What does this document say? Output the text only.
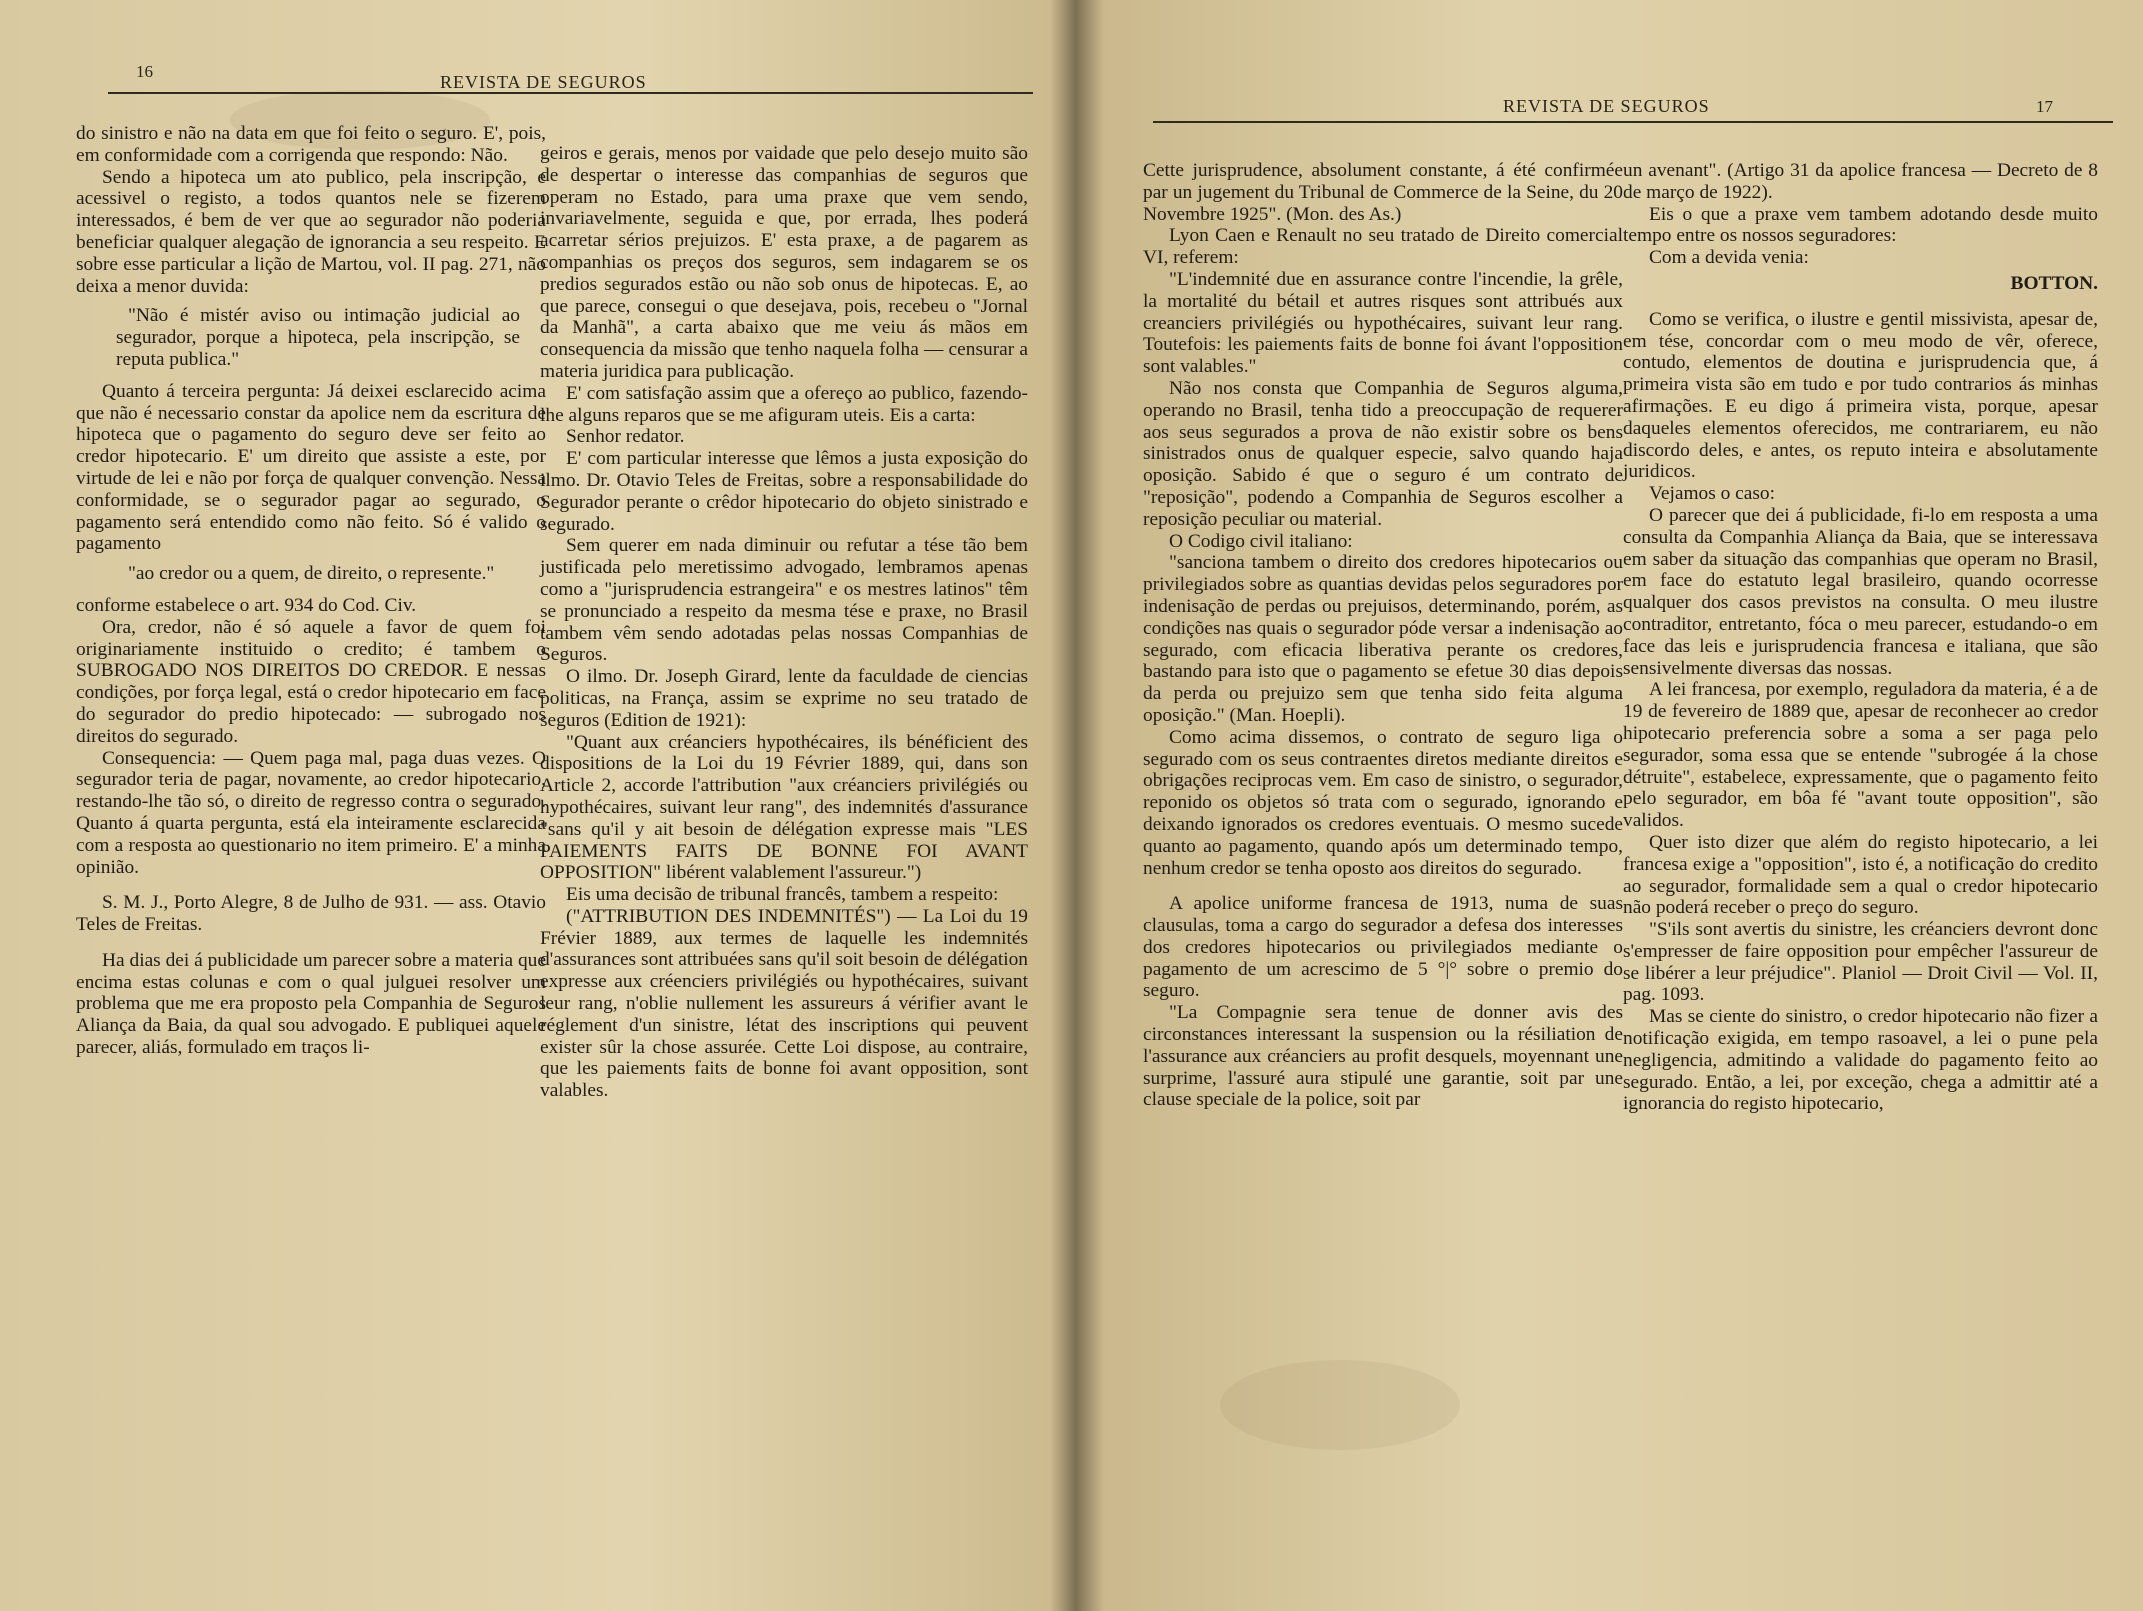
16
REVISTA DE SEGUROS

do sinistro e não na data em que foi feito o seguro. E', pois, em conformidade com a corrigenda que respondo: Não.

Sendo a hipoteca um ato publico, pela inscripção, e acessivel o registo, a todos quantos nele se fizerem interessados, é bem de ver que ao segurador não poderia beneficiar qualquer alegação de ignorancia a seu respeito. E sobre esse particular a lição de Martou, vol. II pag. 271, não deixa a menor duvida:

"Não é mistér aviso ou intimação judicial ao segurador, porque a hipoteca, pela inscripção, se reputa publica."

Quanto á terceira pergunta: Já deixei esclarecido acima que não é necessario constar da apolice nem da escritura de hipoteca que o pagamento do seguro deve ser feito ao credor hipotecario. E' um direito que assiste a este, por virtude de lei e não por força de qualquer convenção. Nessa conformidade, se o segurador pagar ao segurado, o pagamento será entendido como não feito. Só é valido o pagamento

"ao credor ou a quem, de direito, o represente."

conforme estabelece o art. 934 do Cod. Civ.

Ora, credor, não é só aquele a favor de quem foi originariamente instituido o credito; é tambem o SUBROGADO NOS DIREITOS DO CREDOR. E nessas condições, por força legal, está o credor hipotecario em face do segurador do predio hipotecado: — subrogado nos direitos do segurado.

Consequencia: — Quem paga mal, paga duas vezes. O segurador teria de pagar, novamente, ao credor hipotecario, restando-lhe tão só, o direito de regresso contra o segurado. Quanto á quarta pergunta, está ela inteiramente esclarecida com a resposta ao questionario no item primeiro. E' a minha opinião.

S. M. J., Porto Alegre, 8 de Julho de 931. — ass. Otavio Teles de Freitas.

Ha dias dei á publicidade um parecer sobre a materia que encima estas colunas e com o qual julguei resolver um problema que me era proposto pela Companhia de Seguros Aliança da Baia, da qual sou advogado. E publiquei aquele parecer, aliás, formulado em traços li-

geiros e gerais, menos por vaidade que pelo desejo muito são de despertar o interesse das companhias de seguros que operam no Estado, para uma praxe que vem sendo, invariavelmente, seguida e que, por errada, lhes poderá acarretar sérios prejuizos. E' esta praxe, a de pagarem as companhias os preços dos seguros, sem indagarem se os predios segurados estão ou não sob onus de hipotecas. E, ao que parece, consegui o que desejava, pois, recebeu o "Jornal da Manhã", a carta abaixo que me veiu ás mãos em consequencia da missão que tenho naquela folha — censurar a materia juridica para publicação.

E' com satisfação assim que a ofereço ao publico, fazendo-lhe alguns reparos que se me afiguram uteis. Eis a carta:

Senhor redator.

E' com particular interesse que lêmos a justa exposição do ilmo. Dr. Otavio Teles de Freitas, sobre a responsabilidade do Segurador perante o crêdor hipotecario do objeto sinistrado e segurado.

Sem querer em nada diminuir ou refutar a tése tão bem justificada pelo meretissimo advogado, lembramos apenas como a "jurisprudencia estrangeira" e os mestres latinos" têm se pronunciado a respeito da mesma tése e praxe, no Brasil tambem vêm sendo adotadas pelas nossas Companhias de Seguros.

O ilmo. Dr. Joseph Girard, lente da faculdade de ciencias politicas, na França, assim se exprime no seu tratado de seguros (Edition de 1921):

"Quant aux créanciers hypothécaires, ils bénéficient des dispositions de la Loi du 19 Février 1889, qui, dans son Article 2, accorde l'attribution "aux créanciers privilégiés ou hypothécaires, suivant leur rang", des indemnités d'assurance "sans qu'il y ait besoin de délégation expresse mais "LES PAIEMENTS FAITS DE BONNE FOI AVANT OPPOSITION" libérent valablement l'assureur.")

Eis uma decisão de tribunal francês, tambem a respeito:

("ATTRIBUTION DES INDEMNITÉS") — La Loi du 19 Frévier 1889, aux termes de laquelle les indemnités d'assurances sont attribuées sans qu'il soit besoin de délégation expresse aux créenciers privilégiés ou hypothécaires, suivant leur rang, n'oblie nullement les assureurs á vérifier avant le réglement d'un sinistre, létat des inscriptions qui peuvent exister sûr la chose assurée. Cette Loi dispose, au contraire, que les paiements faits de bonne foi avant opposition, sont valables.

REVISTA DE SEGUROS	17

Cette jurisprudence, absolument constante, á été confirmée par un jugement du Tribunal de Commerce de la Seine, du 20 Novembre 1925". (Mon. des As.)

Lyon Caen e Renault no seu tratado de Direito comercial VI, referem:

"L'indemnité due en assurance contre l'incendie, la grêle, la mortalité du bétail et autres risques sont attribués aux creanciers privilégiés ou hypothécaires, suivant leur rang. Toutefois: les paiements faits de bonne foi ávant l'opposition sont valables."

Não nos consta que Companhia de Seguros alguma, operando no Brasil, tenha tido a preoccupação de requerer aos seus segurados a prova de não existir sobre os bens sinistrados onus de qualquer especie, salvo quando haja oposição. Sabido é que o seguro é um contrato de "reposição", podendo a Companhia de Seguros escolher a reposição peculiar ou material.

O Codigo civil italiano:

"sanciona tambem o direito dos credores hipotecarios ou privilegiados sobre as quantias devidas pelos seguradores por indenisação de perdas ou prejuisos, determinando, porém, as condições nas quais o segurador póde versar a indenisação ao segurado, com eficacia liberativa perante os credores, bastando para isto que o pagamento se efetue 30 dias depois da perda ou prejuizo sem que tenha sido feita alguma oposição." (Man. Hoepli).

Como acima dissemos, o contrato de seguro liga o segurado com os seus contraentes diretos mediante direitos e obrigações reciprocas vem. Em caso de sinistro, o segurador, reponido os objetos só trata com o segurado, ignorando e deixando ignorados os credores eventuais. O mesmo sucede quanto ao pagamento, quando após um determinado tempo, nenhum credor se tenha oposto aos direitos do segurado.

A apolice uniforme francesa de 1913, numa de suas clausulas, toma a cargo do segurador a defesa dos interesses dos credores hipotecarios ou privilegiados mediante o pagamento de um acrescimo de 5 °|° sobre o premio do seguro.

"La Compagnie sera tenue de donner avis des circonstances interessant la suspension ou la résiliation de l'assurance aux créanciers au profit desquels, moyennant une surprime, l'assuré aura stipulé une garantie, soit par une clause speciale de la police, soit par

un avenant". (Artigo 31 da apolice francesa — Decreto de 8 de março de 1922).

Eis o que a praxe vem tambem adotando desde muito tempo entre os nossos seguradores:

Com a devida venia:

BOTTON.

Como se verifica, o ilustre e gentil missivista, apesar de, em tése, concordar com o meu modo de vêr, oferece, contudo, elementos de doutina e jurisprudencia que, á primeira vista são em tudo e por tudo contrarios ás minhas afirmações. E eu digo á primeira vista, porque, apesar daqueles elementos oferecidos, me contrariarem, eu não discordo deles, e antes, os reputo inteira e absolutamente juridicos.

Vejamos o caso:

O parecer que dei á publicidade, fi-lo em resposta a uma consulta da Companhia Aliança da Baia, que se interessava em saber da situação das companhias que operam no Brasil, em face do estatuto legal brasileiro, quando ocorresse qualquer dos casos previstos na consulta. O meu ilustre contraditor, entretanto, fóca o meu parecer, estudando-o em face das leis e jurisprudencia francesa e italiana, que são sensivelmente diversas das nossas.

A lei francesa, por exemplo, reguladora da materia, é a de 19 de fevereiro de 1889 que, apesar de reconhecer ao credor hipotecario preferencia sobre a soma a ser paga pelo segurador, soma essa que se entende "subrogée á la chose détruite", estabelece, expressamente, que o pagamento feito pelo segurador, em bôa fé "avant toute opposition", são validos.

Quer isto dizer que além do registo hipotecario, a lei francesa exige a "opposition", isto é, a notificação do credito ao segurador, formalidade sem a qual o credor hipotecario não poderá receber o preço do seguro.

"S'ils sont avertis du sinistre, les créanciers devront donc s'empresser de faire opposition pour empêcher l'assureur de se libérer a leur préjudice". Planiol — Droit Civil — Vol. II, pag. 1093.

Mas se ciente do sinistro, o credor hipotecario não fizer a notificação exigida, em tempo rasoavel, a lei o pune pela negligencia, admitindo a validade do pagamento feito ao segurado. Então, a lei, por exceção, chega a admittir até a ignorancia do registo hipotecario,
